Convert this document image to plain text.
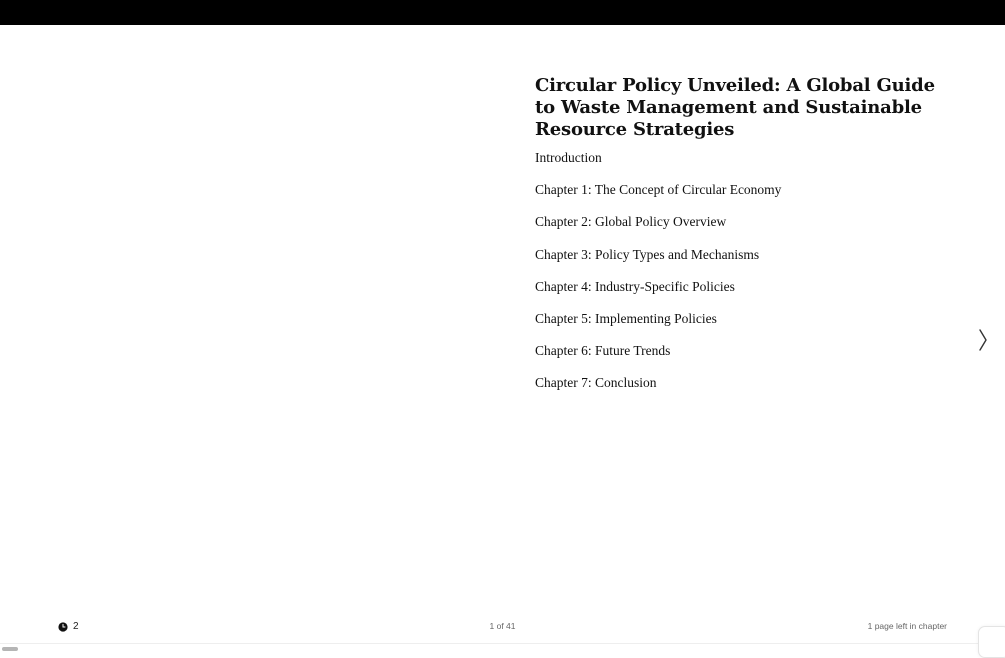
Circular Policy Unveiled: A Global Guide to Waste Management and Sustainable Resource Strategies
Introduction
Chapter 1: The Concept of Circular Economy
Chapter 2: Global Policy Overview
Chapter 3: Policy Types and Mechanisms
Chapter 4: Industry-Specific Policies
Chapter 5: Implementing Policies
Chapter 6: Future Trends
Chapter 7: Conclusion
2	1 of 41	1 page left in chapter
